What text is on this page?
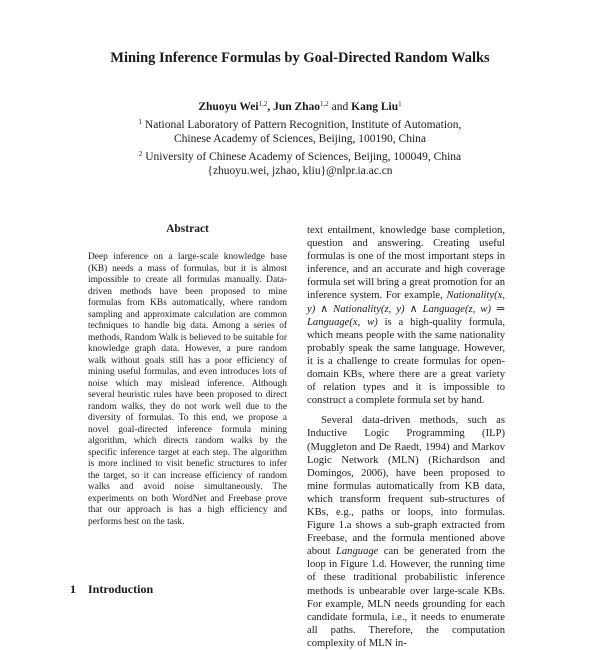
Mining Inference Formulas by Goal-Directed Random Walks
Zhuoyu Wei$^{1,2}$, Jun Zhao$^{1,2}$ and Kang Liu$^1$
$^1$ National Laboratory of Pattern Recognition, Institute of Automation,
Chinese Academy of Sciences, Beijing, 100190, China
$^2$ University of Chinese Academy of Sciences, Beijing, 100049, China
{zhuoyu.wei, jzhao, kliu}@nlpr.ia.ac.cn
Abstract

Deep inference on a large-scale knowledge base (KB) needs a mass of formulas, but it is almost impossible to create all formulas manually. Data-driven methods have been proposed to mine formulas from KBs automatically, where random sampling and approximate calculation are common techniques to handle big data. Among a series of methods, Random Walk is believed to be suitable for knowledge graph data. However, a pure random walk without goals still has a poor efficiency of mining useful formulas, and even introduces lots of noise which may mislead inference. Although several heuristic rules have been proposed to direct random walks, they do not work well due to the diversity of formulas. To this end, we propose a novel goal-directed inference formula mining algorithm, which directs random walks by the specific inference target at each step. The algorithm is more inclined to visit benefic structures to infer the target, so it can increase efficiency of random walks and avoid noise simultaneously. The experiments on both WordNet and Freebase prove that our approach is has a high efficiency and performs best on the task.

1 Introduction

text entailment, knowledge base completion, question and answering. Creating useful formulas is one of the most important steps in inference, and an accurate and high coverage formula set will bring a great promotion for an inference system. For example, Nationality(x, y) ∧ Nationality(z, y) ∧ Language(z, w) ⇒ Language(x, w) is a high-quality formula, which means people with the same nationality probably speak the same language. However, it is a challenge to create formulas for open-domain KBs, where there are a great variety of relation types and it is impossible to construct a complete formula set by hand.

Several data-driven methods, such as Inductive Logic Programming (ILP) (Muggleton and De Raedt, 1994) and Markov Logic Network (MLN) (Richardson and Domingos, 2006), have been proposed to mine formulas automatically from KB data, which transform frequent sub-structures of KBs, e.g., paths or loops, into formulas. Figure 1.a shows a sub-graph extracted from Freebase, and the formula mentioned above about Language can be generated from the loop in Figure 1.d. However, the running time of these traditional probabilistic inference methods is unbearable over large-scale KBs. For example, MLN needs grounding for each candidate formula, i.e., it needs to enumerate all paths. Therefore, the computation complexity of MLN in-
